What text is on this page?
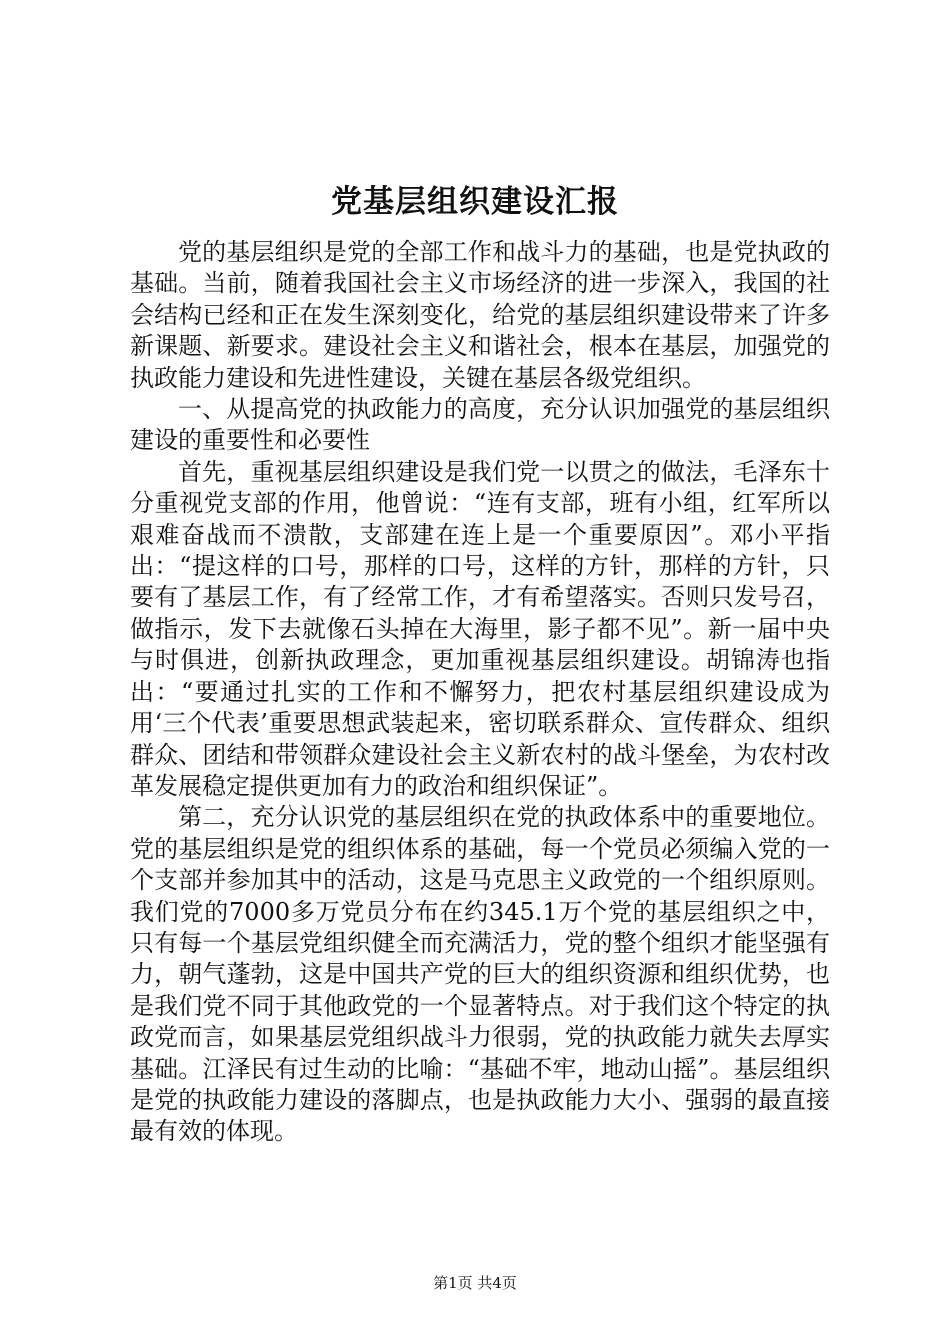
党基层组织建设汇报

党的基层组织是党的全部工作和战斗力的基础，也是党执政的基础。当前，随着我国社会主义市场经济的进一步深入，我国的社会结构已经和正在发生深刻变化，给党的基层组织建设带来了许多新课题、新要求。建设社会主义和谐社会，根本在基层，加强党的执政能力建设和先进性建设，关键在基层各级党组织。

一、从提高党的执政能力的高度，充分认识加强党的基层组织建设的重要性和必要性

首先，重视基层组织建设是我们党一以贯之的做法，毛泽东十分重视党支部的作用，他曾说：“连有支部，班有小组，红军所以艰难奋战而不溃散，支部建在连上是一个重要原因”。邓小平指出：“提这样的口号，那样的口号，这样的方针，那样的方针，只要有了基层工作，有了经常工作，才有希望落实。否则只发号召，做指示，发下去就像石头掉在大海里，影子都不见”。新一届中央与时俱进，创新执政理念，更加重视基层组织建设。胡锦涛也指出：“要通过扎实的工作和不懈努力，把农村基层组织建设成为用‘三个代表’重要思想武装起来，密切联系群众、宣传群众、组织群众、团结和带领群众建设社会主义新农村的战斗堡垒，为农村改革发展稳定提供更加有力的政治和组织保证”。

第二，充分认识党的基层组织在党的执政体系中的重要地位。党的基层组织是党的组织体系的基础，每一个党员必须编入党的一个支部并参加其中的活动，这是马克思主义政党的一个组织原则。我们党的7000多万党员分布在约345.1万个党的基层组织之中，只有每一个基层党组织健全而充满活力，党的整个组织才能坚强有力，朝气蓬勃，这是中国共产党的巨大的组织资源和组织优势，也是我们党不同于其他政党的一个显著特点。对于我们这个特定的执政党而言，如果基层党组织战斗力很弱，党的执政能力就失去厚实基础。江泽民有过生动的比喻：“基础不牢，地动山摇”。基层组织是党的执政能力建设的落脚点，也是执政能力大小、强弱的最直接最有效的体现。

第1页 共4页
